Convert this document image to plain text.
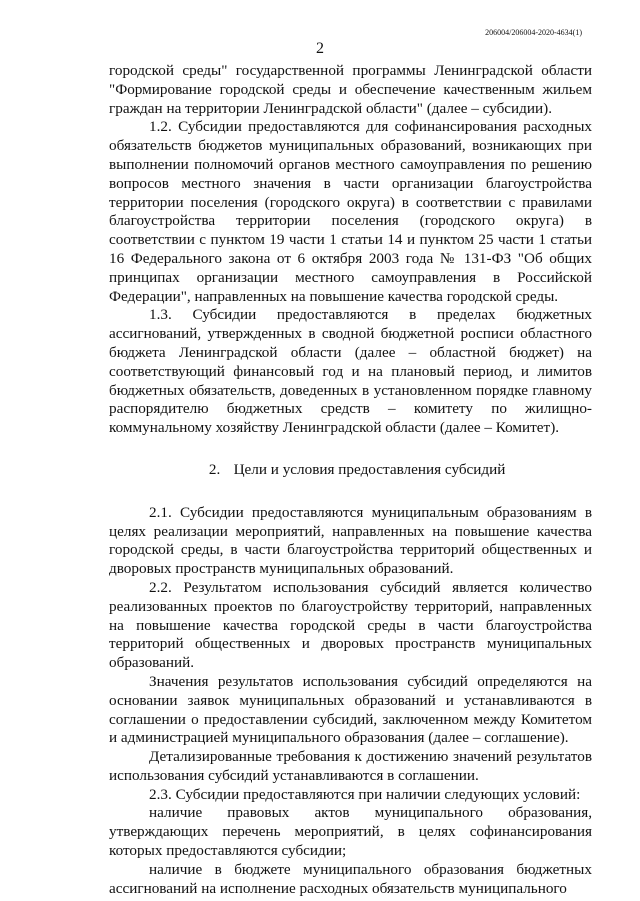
206004/206004-2020-4634(1)
2

городской среды" государственной программы Ленинградской области "Формирование городской среды и обеспечение качественным жильем граждан на территории Ленинградской области" (далее – субсидии).

1.2. Субсидии предоставляются для софинансирования расходных обязательств бюджетов муниципальных образований, возникающих при выполнении полномочий органов местного самоуправления по решению вопросов местного значения в части организации благоустройства территории поселения (городского округа) в соответствии с правилами благоустройства территории поселения (городского округа) в соответствии с пунктом 19 части 1 статьи 14 и пунктом 25 части 1 статьи 16 Федерального закона от 6 октября 2003 года № 131-ФЗ "Об общих принципах организации местного самоуправления в Российской Федерации", направленных на повышение качества городской среды.

1.3. Субсидии предоставляются в пределах бюджетных ассигнований, утвержденных в сводной бюджетной росписи областного бюджета Ленинградской области (далее – областной бюджет) на соответствующий финансовый год и на плановый период, и лимитов бюджетных обязательств, доведенных в установленном порядке главному распорядителю бюджетных средств – комитету по жилищно-коммунальному хозяйству Ленинградской области (далее – Комитет).

2. Цели и условия предоставления субсидий

2.1. Субсидии предоставляются муниципальным образованиям в целях реализации мероприятий, направленных на повышение качества городской среды, в части благоустройства территорий общественных и дворовых пространств муниципальных образований.

2.2. Результатом использования субсидий является количество реализованных проектов по благоустройству территорий, направленных на повышение качества городской среды в части благоустройства территорий общественных и дворовых пространств муниципальных образований.

Значения результатов использования субсидий определяются на основании заявок муниципальных образований и устанавливаются в соглашении о предоставлении субсидий, заключенном между Комитетом и администрацией муниципального образования (далее – соглашение).

Детализированные требования к достижению значений результатов использования субсидий устанавливаются в соглашении.

2.3. Субсидии предоставляются при наличии следующих условий:

наличие правовых актов муниципального образования, утверждающих перечень мероприятий, в целях софинансирования которых предоставляются субсидии;

наличие в бюджете муниципального образования бюджетных ассигнований на исполнение расходных обязательств муниципального
